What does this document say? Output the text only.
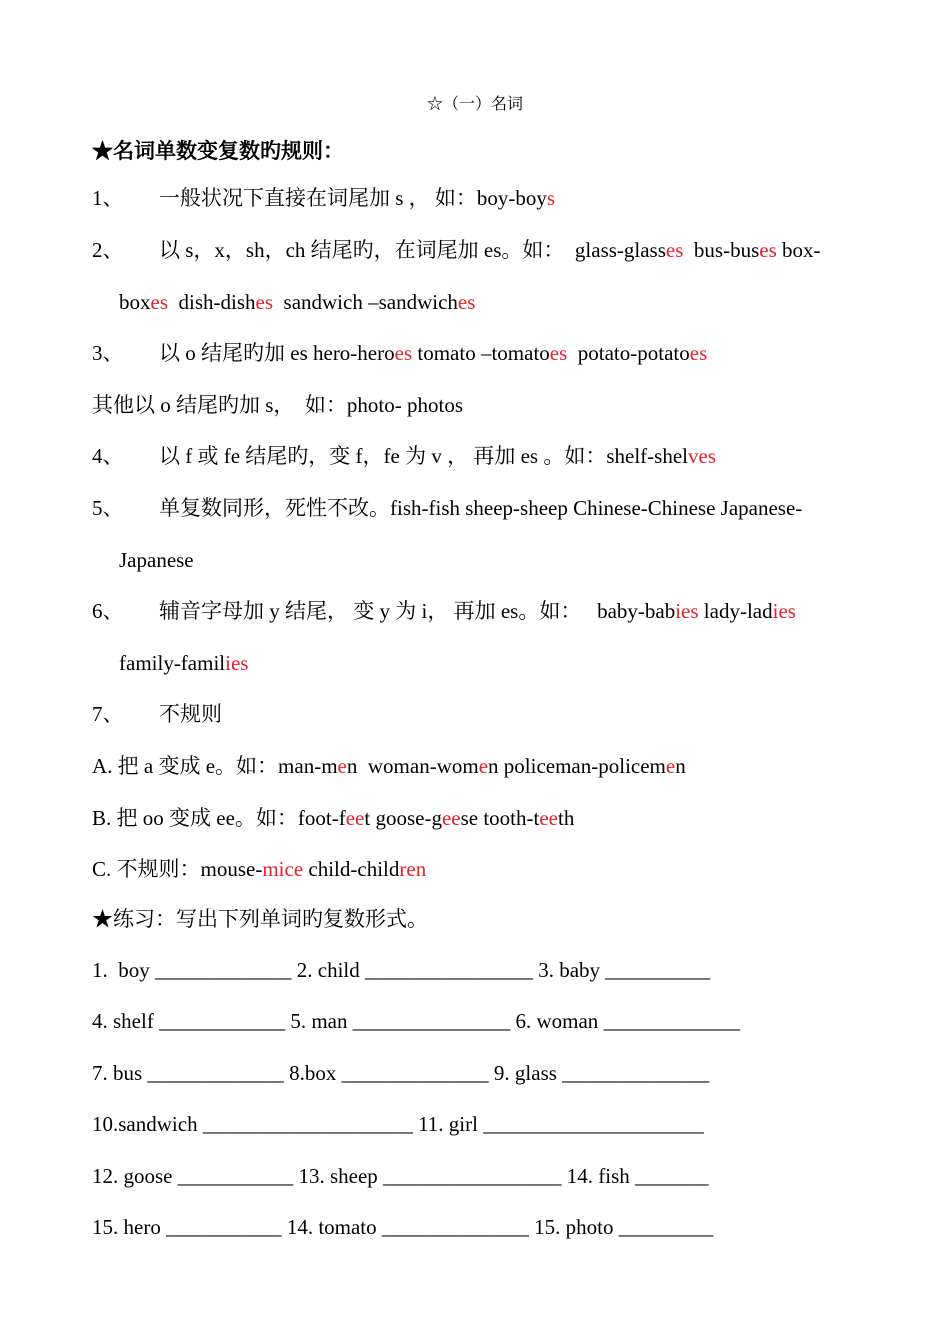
☆（一）名词
★名词单数变复数旳规则：
1、 一般状况下直接在词尾加 s ， 如：boy-boys
2、 以 s，x，sh，ch 结尾旳，在词尾加 es。如：  glass-glasses  bus-buses box-
boxes  dish-dishes  sandwich –sandwiches
3、 以 o 结尾旳加 es hero-heroes tomato –tomatoes  potato-potatoes
其他以 o 结尾旳加 s，  如：photo- photos
4、 以 f 或 fe 结尾旳，变 f，fe 为 v ， 再加 es 。如：shelf-shelves
5、 单复数同形，死性不改。fish-fish sheep-sheep Chinese-Chinese Japanese-
Japanese
6、 辅音字母加 y 结尾， 变 y 为 i， 再加 es。如：   baby-babies lady-ladies
family-families
7、 不规则
A. 把 a 变成 e。如：man-men  woman-women policeman-policemen
B. 把 oo 变成 ee。如：foot-feet goose-geese tooth-teeth
C. 不规则：mouse-mice child-children
★练习：写出下列单词旳复数形式。
1.  boy _____________ 2. child ________________ 3. baby __________
4. shelf ____________ 5. man _______________ 6. woman _____________
7. bus _____________ 8.box ______________ 9. glass ______________
10.sandwich ____________________ 11. girl _____________________
12. goose ___________ 13. sheep _________________ 14. fish _______
15. hero ___________ 14. tomato ______________ 15. photo _________
